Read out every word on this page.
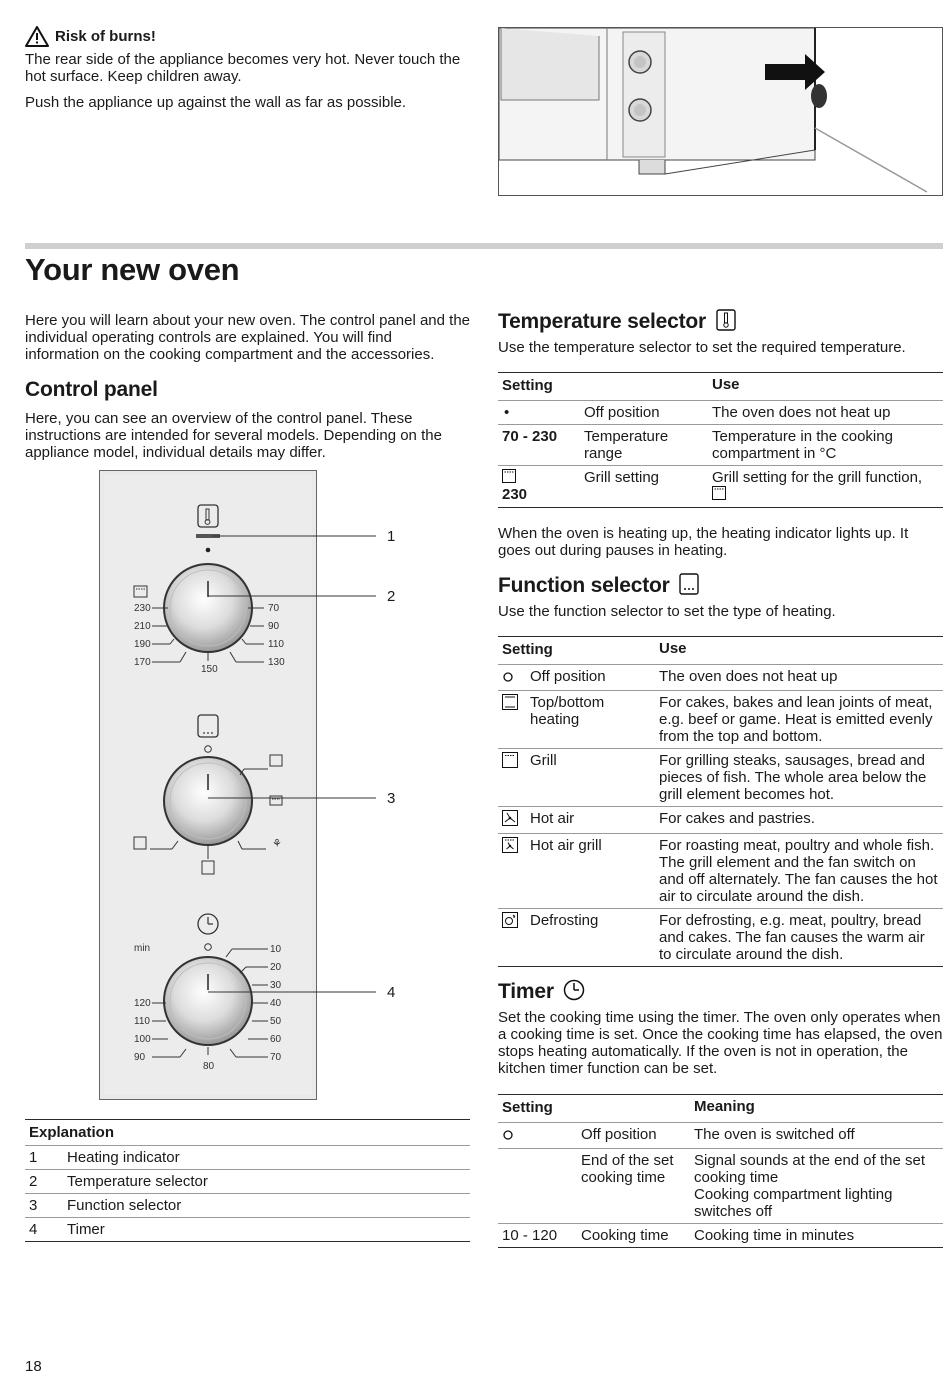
Risk of burns!

The rear side of the appliance becomes very hot. Never touch the hot surface. Keep children away.

Push the appliance up against the wall as far as possible.

Your new oven

Here you will learn about your new oven. The control panel and the individual operating controls are explained. You will find information on the cooking compartment and the accessories.

Control panel

Here, you can see an overview of the control panel. These instructions are intended for several models. Depending on the appliance model, individual details may differ.

230
210
190
170
70
90
110
130
150
⚘
min	10
20
30
40
50
60
70
120
110
100
90
80
1
2
3
4
Explanation	
1	Heating indicator
2	Temperature selector
3	Function selector
4	Timer
18
Temperature selector

Use the temperature selector to set the required temperature.

Setting		Use
•	Off position	The oven does not heat up
70 - 230	Temperature range	Temperature in the cooking compartment in °C

230	Grill setting	Grill setting for the grill function,

When the oven is heating up, the heating indicator lights up. It goes out during pauses in heating.

Function selector

Use the function selector to set the type of heating.

Setting		Use
	Off position	The oven does not heat up
	Top/bottom heating	For cakes, bakes and lean joints of meat, e.g. beef or game. Heat is emitted evenly from the top and bottom.
	Grill	For grilling steaks, sausages, bread and pieces of fish. The whole area below the grill element becomes hot.
	Hot air	For cakes and pastries.
	Hot air grill	For roasting meat, poultry and whole fish. The grill element and the fan switch on and off alternately. The fan causes the hot air to circulate around the dish.
	Defrosting	For defrosting, e.g. meat, poultry, bread and cakes. The fan causes the warm air to circulate around the dish.
Timer

Set the cooking time using the timer. The oven only operates when a cooking time is set. Once the cooking time has elapsed, the oven stops heating automatically. If the oven is not in operation, the kitchen timer function can be set.

Setting		Meaning
	Off position	The oven is switched off
	End of the set cooking time	Signal sounds at the end of the set cooking time
Cooking compartment lighting switches off
10 - 120	Cooking time	Cooking time in minutes
